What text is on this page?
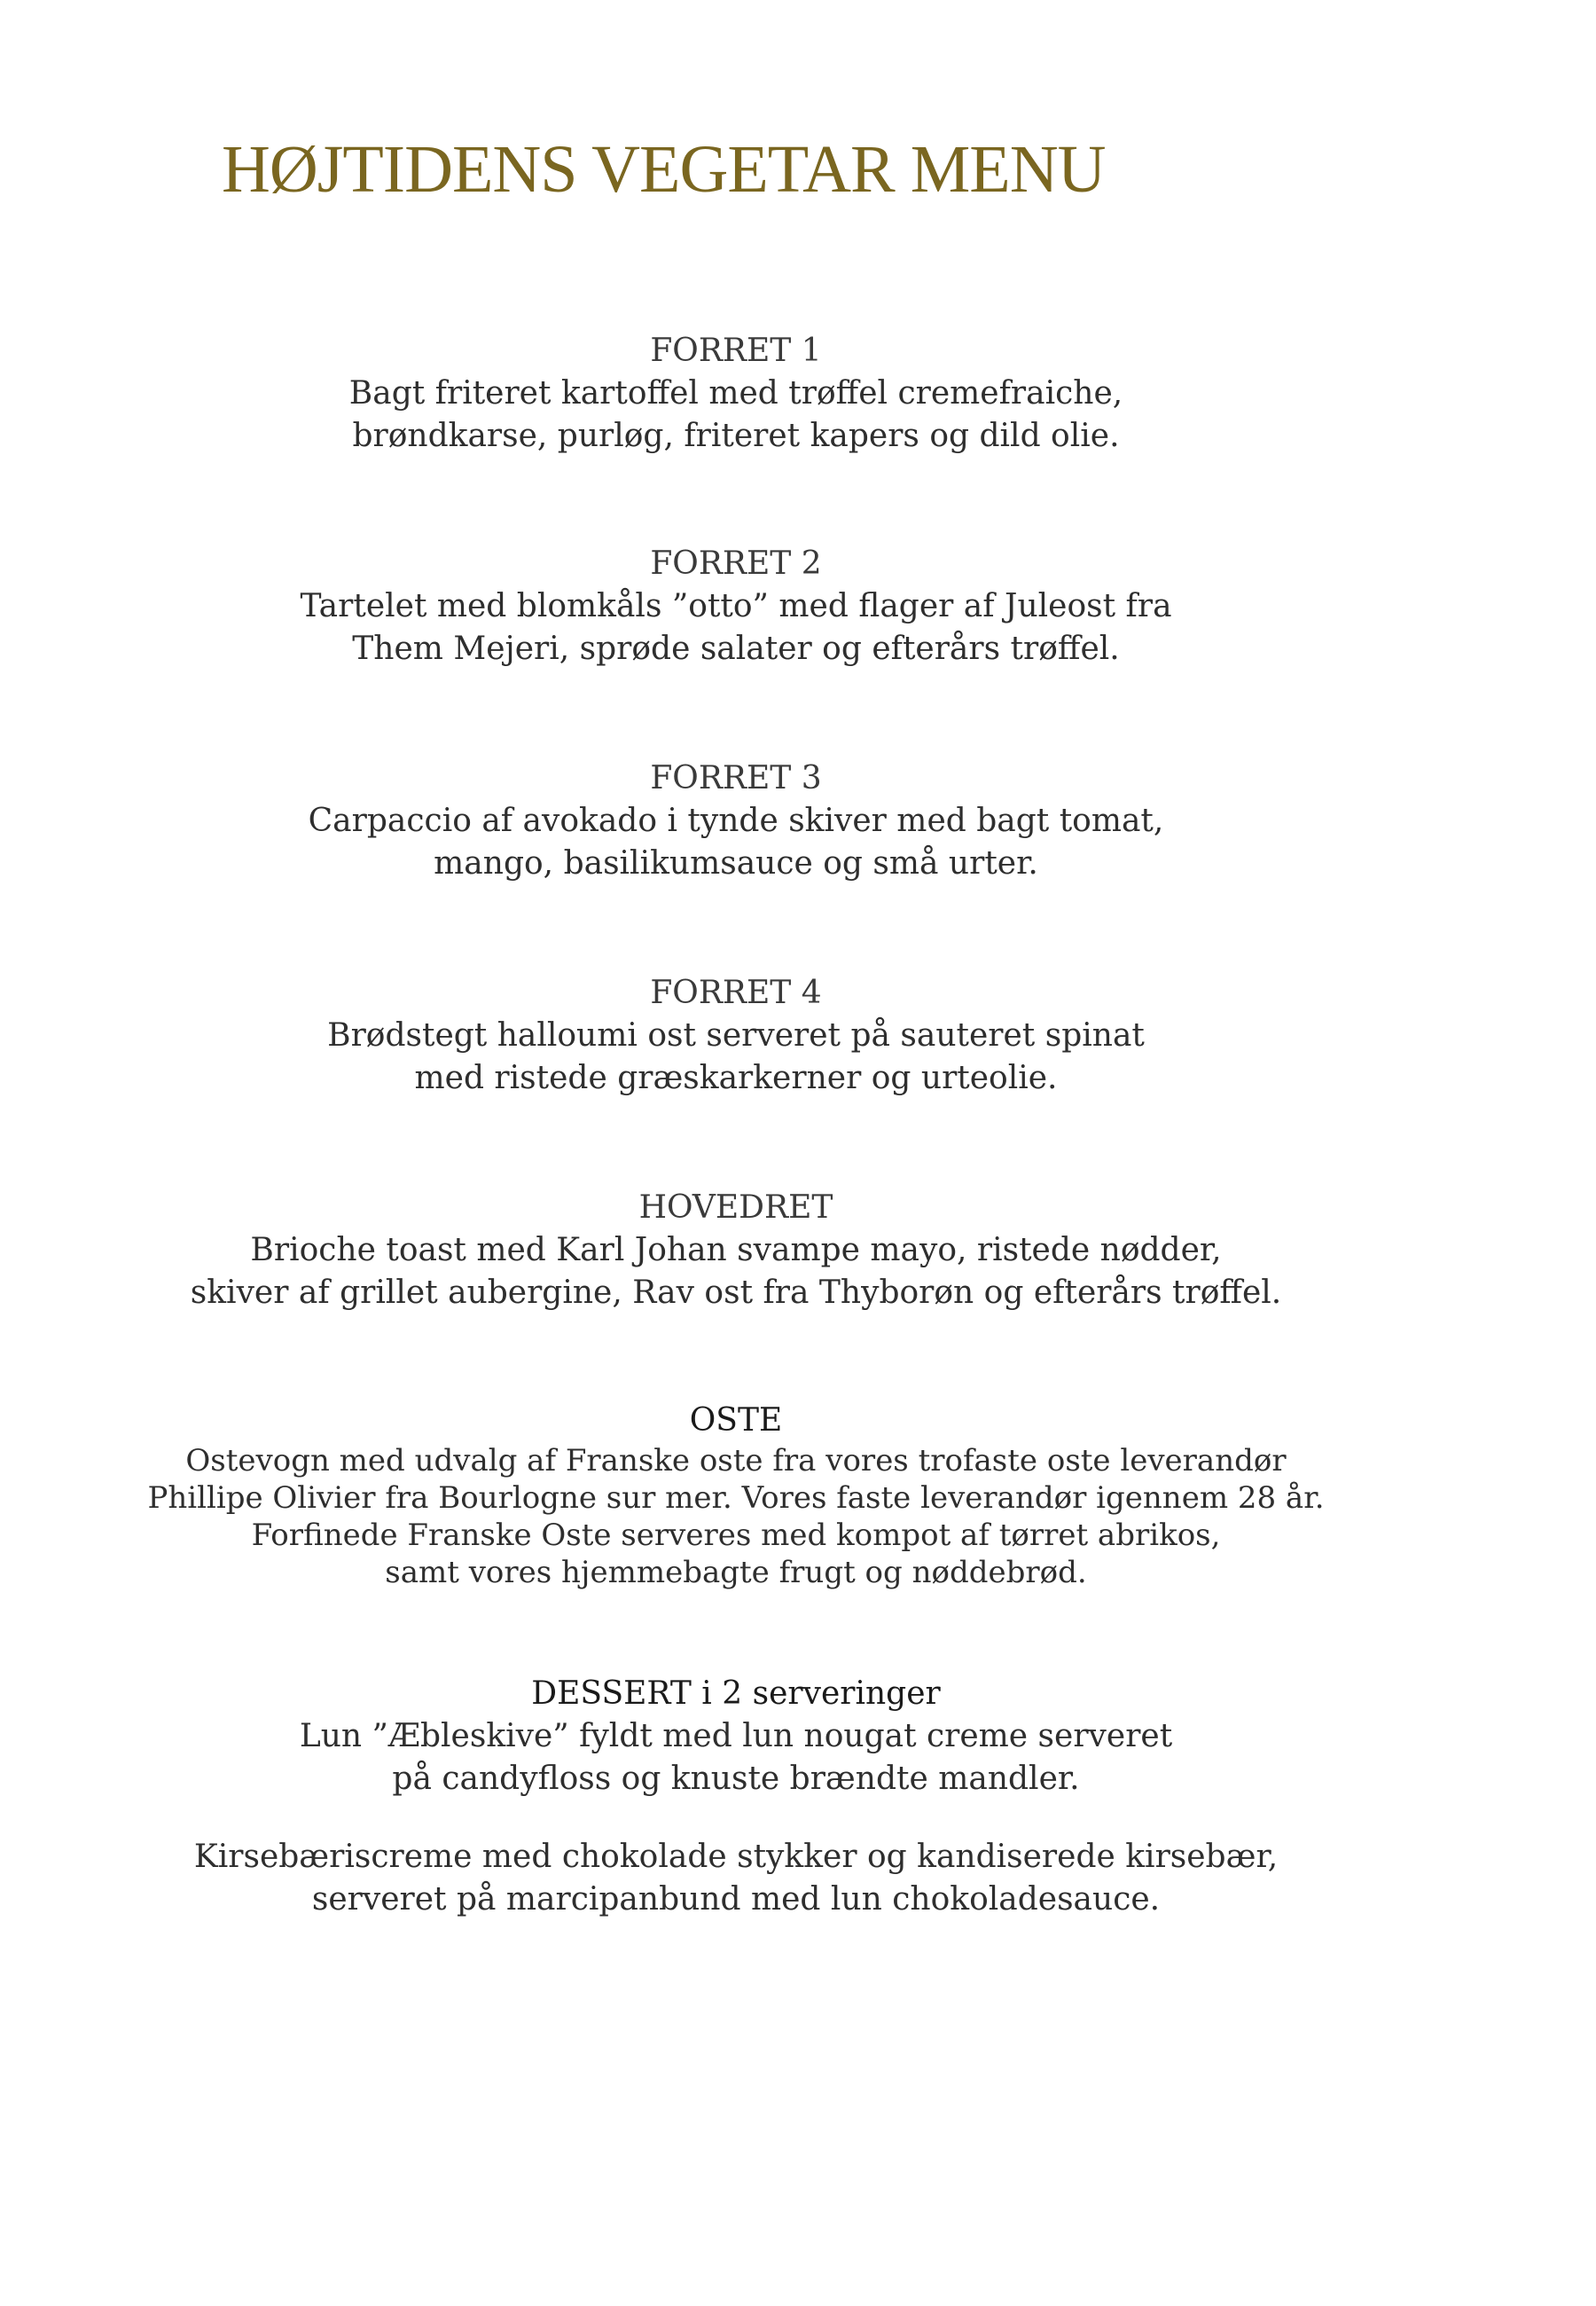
HØJTIDENS VEGETAR MENU
FORRET 1
Bagt friteret kartoffel med trøffel cremefraiche,
brøndkarse, purløg, friteret kapers og dild olie.
FORRET 2
Tartelet med blomkåls ”otto” med flager af Juleost fra
Them Mejeri, sprøde salater og efterårs trøffel.
FORRET 3
Carpaccio af avokado i tynde skiver med bagt tomat,
mango, basilikumsauce og små urter.
FORRET 4
Brødstegt halloumi ost serveret på sauteret spinat
med ristede græskarkerner og urteolie.
HOVEDRET
Brioche toast med Karl Johan svampe mayo, ristede nødder,
skiver af grillet aubergine, Rav ost fra Thyborøn og efterårs trøffel.
OSTE
Ostevogn med udvalg af Franske oste fra vores trofaste oste leverandør
Phillipe Olivier fra Bourlogne sur mer. Vores faste leverandør igennem 28 år.
Forfinede Franske Oste serveres med kompot af tørret abrikos,
samt vores hjemmebagte frugt og nøddebrød.
DESSERT i 2 serveringer
Lun ”Æbleskive” fyldt med lun nougat creme serveret
på candyfloss og knuste brændte mandler.
Kirsebæriscreme med chokolade stykker og kandiserede kirsebær,
serveret på marcipanbund med lun chokoladesauce.
